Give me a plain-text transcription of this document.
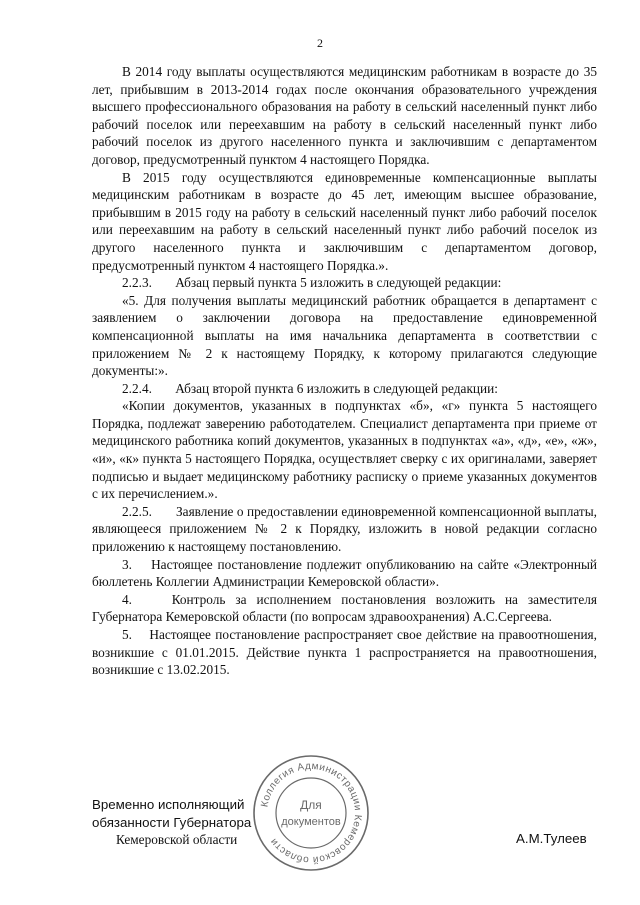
2

В 2014 году выплаты осуществляются медицинским работникам в возрасте до 35 лет, прибывшим в 2013-2014 годах после окончания образовательного учреждения высшего профессионального образования на работу в сельский населенный пункт либо рабочий поселок или переехавшим на работу в сельский населенный пункт либо рабочий поселок из другого населенного пункта и заключившим с департаментом договор, предусмотренный пунктом 4 настоящего Порядка.

В 2015 году осуществляются единовременные компенсационные выплаты медицинским работникам в возрасте до 45 лет, имеющим высшее образование, прибывшим в 2015 году на работу в сельский населенный пункт либо рабочий поселок или переехавшим на работу в сельский населенный пункт либо рабочий поселок из другого населенного пункта и заключившим с департаментом договор, предусмотренный пунктом 4 настоящего Порядка.».

2.2.3.       Абзац первый пункта 5 изложить в следующей редакции:

«5. Для получения выплаты медицинский работник обращается в департамент с заявлением о заключении договора на предоставление единовременной компенсационной выплаты на имя начальника департамента в соответствии с приложением № 2 к настоящему Порядку, к которому прилагаются следующие документы:».

2.2.4.       Абзац второй пункта 6 изложить в следующей редакции:

«Копии документов, указанных в подпунктах «б», «г» пункта 5 настоящего Порядка, подлежат заверению работодателем. Специалист департамента при приеме от медицинского работника копий документов, указанных в подпунктах «а», «д», «е», «ж», «и», «к» пункта 5 настоящего Порядка, осуществляет сверку с их оригиналами, заверяет подписью и выдает медицинскому работнику расписку о приеме указанных документов с их перечислением.».

2.2.5.       Заявление о предоставлении единовременной компенсационной выплаты, являющееся приложением № 2 к Порядку, изложить в новой редакции согласно приложению к настоящему постановлению.

3.    Настоящее постановление подлежит опубликованию на сайте «Электронный бюллетень Коллегии Администрации Кемеровской области».

4.    Контроль за исполнением постановления возложить на заместителя Губернатора Кемеровской области (по вопросам здравоохранения) А.С.Сергеева.

5.    Настоящее постановление распространяет свое действие на правоотношения, возникшие с 01.01.2015. Действие пункта 1 распространяется на правоотношения, возникшие с 13.02.2015.

Временно исполняющий
обязанности Губернатора
Кемеровской области	А.М.Тулеев
Коллегия Администрации Кемеровской области
Для
документов
